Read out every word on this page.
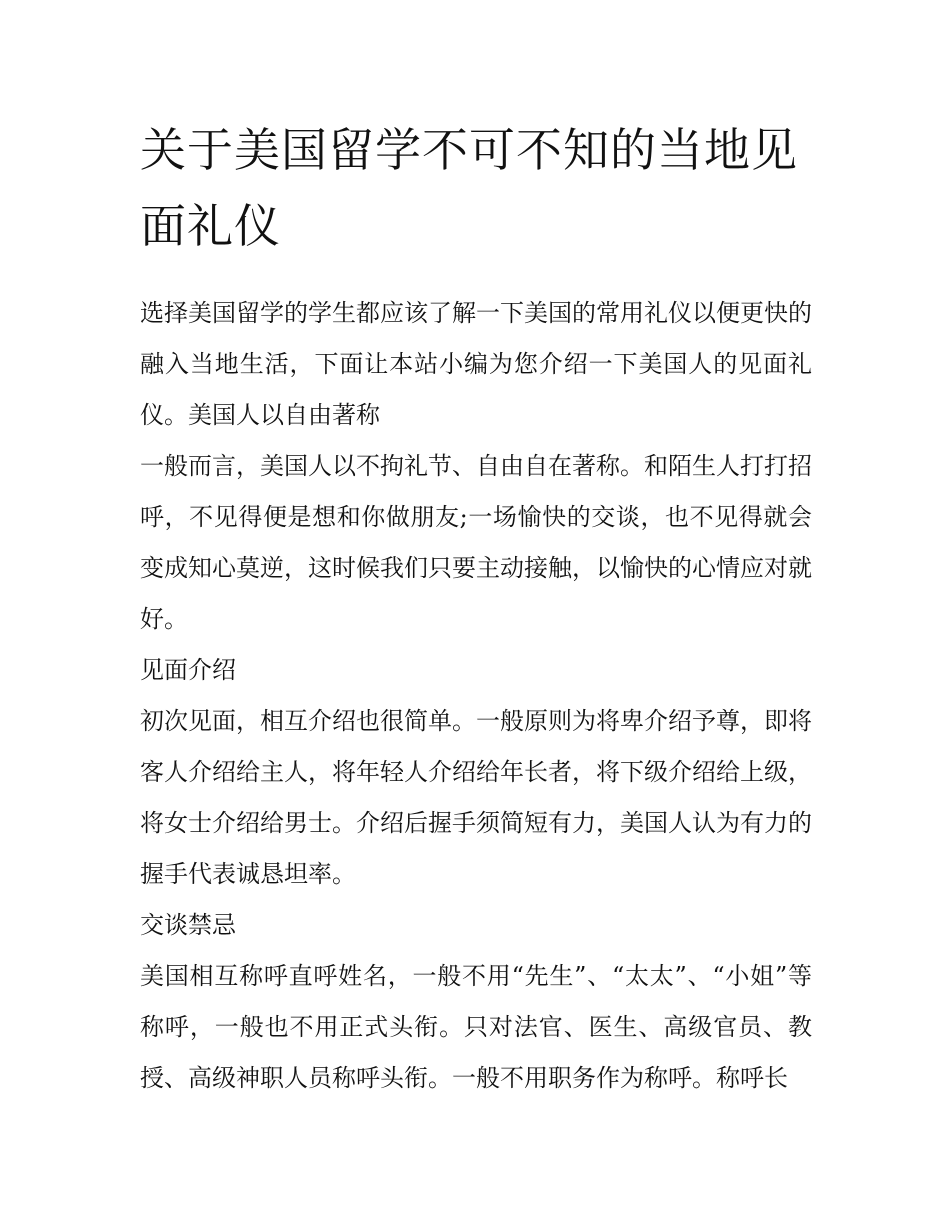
关于美国留学不可不知的当地见面礼仪

选择美国留学的学生都应该了解一下美国的常用礼仪以便更快的融入当地生活，下面让本站小编为您介绍一下美国人的见面礼仪。美国人以自由著称

一般而言，美国人以不拘礼节、自由自在著称。和陌生人打打招呼，不见得便是想和你做朋友;一场愉快的交谈，也不见得就会变成知心莫逆，这时候我们只要主动接触，以愉快的心情应对就好。

见面介绍

初次见面，相互介绍也很简单。一般原则为将卑介绍予尊，即将客人介绍给主人，将年轻人介绍给年长者，将下级介绍给上级，将女士介绍给男士。介绍后握手须简短有力，美国人认为有力的握手代表诚恳坦率。

交谈禁忌

美国相互称呼直呼姓名，一般不用“先生”、“太太”、“小姐”等称呼，一般也不用正式头衔。只对法官、医生、高级官员、教授、高级神职人员称呼头衔。一般不用职务作为称呼。称呼长
